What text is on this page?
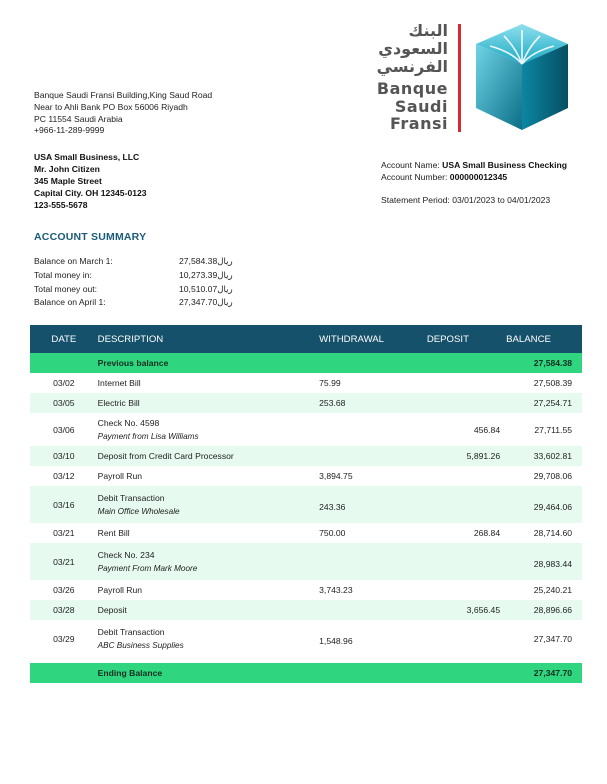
البنك
السعودي
الفرنسي
Banque
Saudi
Fransi
Banque Saudi Fransi Building,King Saud Road
Near to Ahli Bank PO Box 56006 Riyadh
PC 11554 Saudi Arabia
+966-11-289-9999
USA Small Business, LLC
Mr. John Citizen
345 Maple Street
Capital City. OH 12345-0123
123-555-5678
Account Name: USA Small Business Checking
Account Number: 000000012345
Statement Period: 03/01/2023 to 04/01/2023
ACCOUNT SUMMARY
Balance on March 1:	27,584.38ريال
Total money in:	10,273.39ريال
Total money out:	10,510.07ريال
Balance on April 1:	27,347.70ريال
DATE	DESCRIPTION	WITHDRAWAL	DEPOSIT	BALANCE
	Previous balance			27,584.38
03/02	Internet Bill	75.99		27,508.39
03/05	Electric Bill	253.68		27,254.71
03/06	Check No. 4598
Payment from Lisa Williams		456.84	27,711.55
03/10	Deposit from Credit Card Processor		5,891.26	33,602.81
03/12	Payroll Run	3,894.75		29,708.06
03/16	Debit Transaction
Main Office Wholesale	243.36		29,464.06
03/21	Rent Bill	750.00	268.84	28,714.60
03/21	Check No. 234
Payment From Mark Moore			28,983.44
03/26	Payroll Run	3,743.23		25,240.21
03/28	Deposit		3,656.45	28,896.66
03/29	Debit Transaction
ABC Business Supplies	1,548.96		27,347.70

	Ending Balance			27,347.70
